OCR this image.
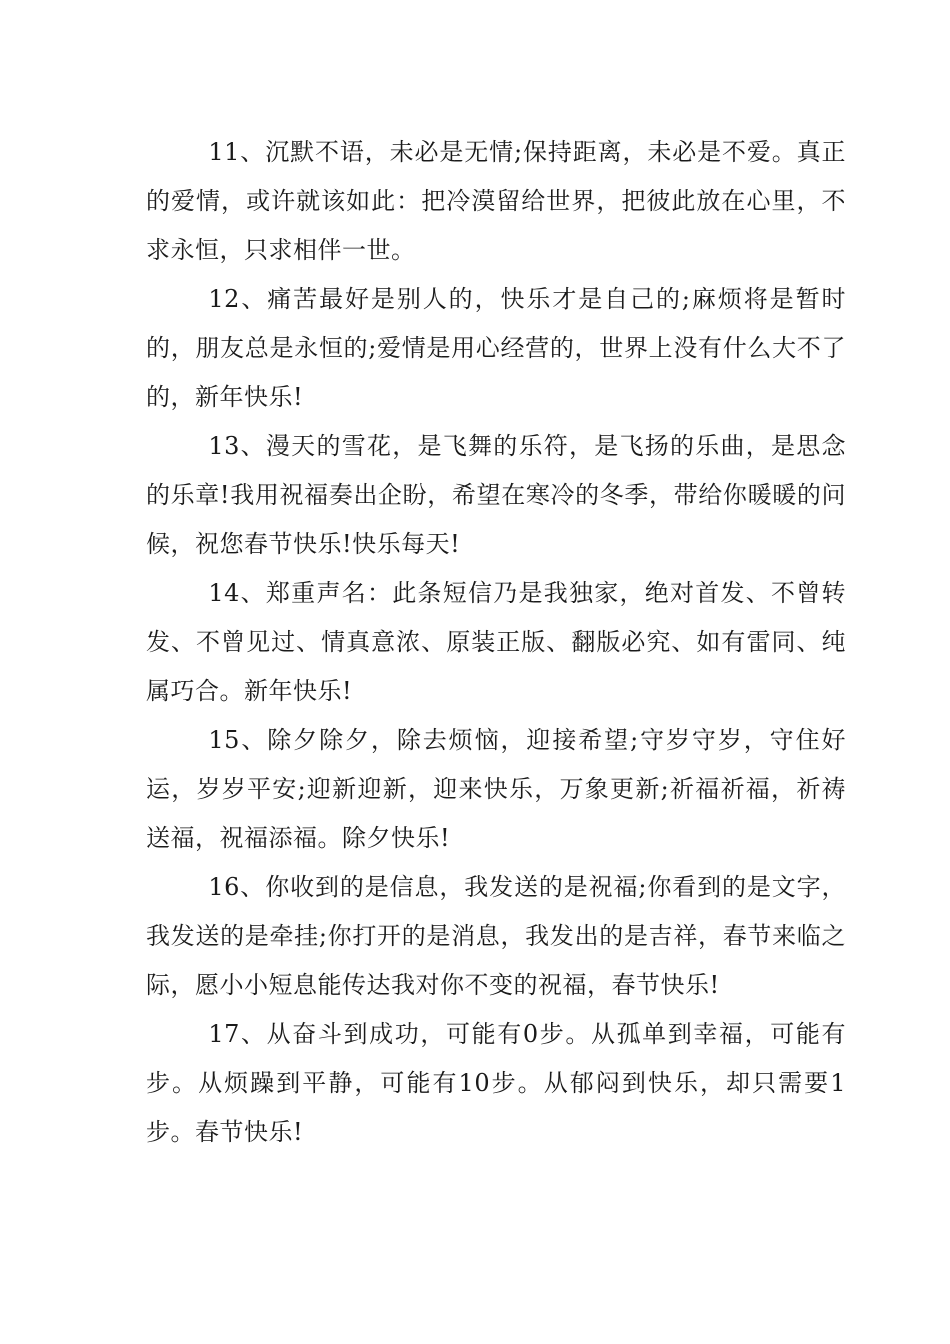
11、沉默不语，未必是无情;保持距离，未必是不爱。真正的爱情，或许就该如此：把冷漠留给世界，把彼此放在心里，不求永恒，只求相伴一世。

12、痛苦最好是别人的，快乐才是自己的;麻烦将是暂时的，朋友总是永恒的;爱情是用心经营的，世界上没有什么大不了的，新年快乐!

13、漫天的雪花，是飞舞的乐符，是飞扬的乐曲，是思念的乐章!我用祝福奏出企盼，希望在寒冷的冬季，带给你暖暖的问候，祝您春节快乐!快乐每天!

14、郑重声名：此条短信乃是我独家，绝对首发、不曾转发、不曾见过、情真意浓、原装正版、翻版必究、如有雷同、纯属巧合。新年快乐!

15、除夕除夕，除去烦恼，迎接希望;守岁守岁，守住好运，岁岁平安;迎新迎新，迎来快乐，万象更新;祈福祈福，祈祷送福，祝福添福。除夕快乐!

16、你收到的是信息，我发送的是祝福;你看到的是文字，我发送的是牵挂;你打开的是消息，我发出的是吉祥，春节来临之际，愿小小短息能传达我对你不变的祝福，春节快乐!

17、从奋斗到成功，可能有0步。从孤单到幸福，可能有步。从烦躁到平静，可能有10步。从郁闷到快乐，却只需要1步。春节快乐!
